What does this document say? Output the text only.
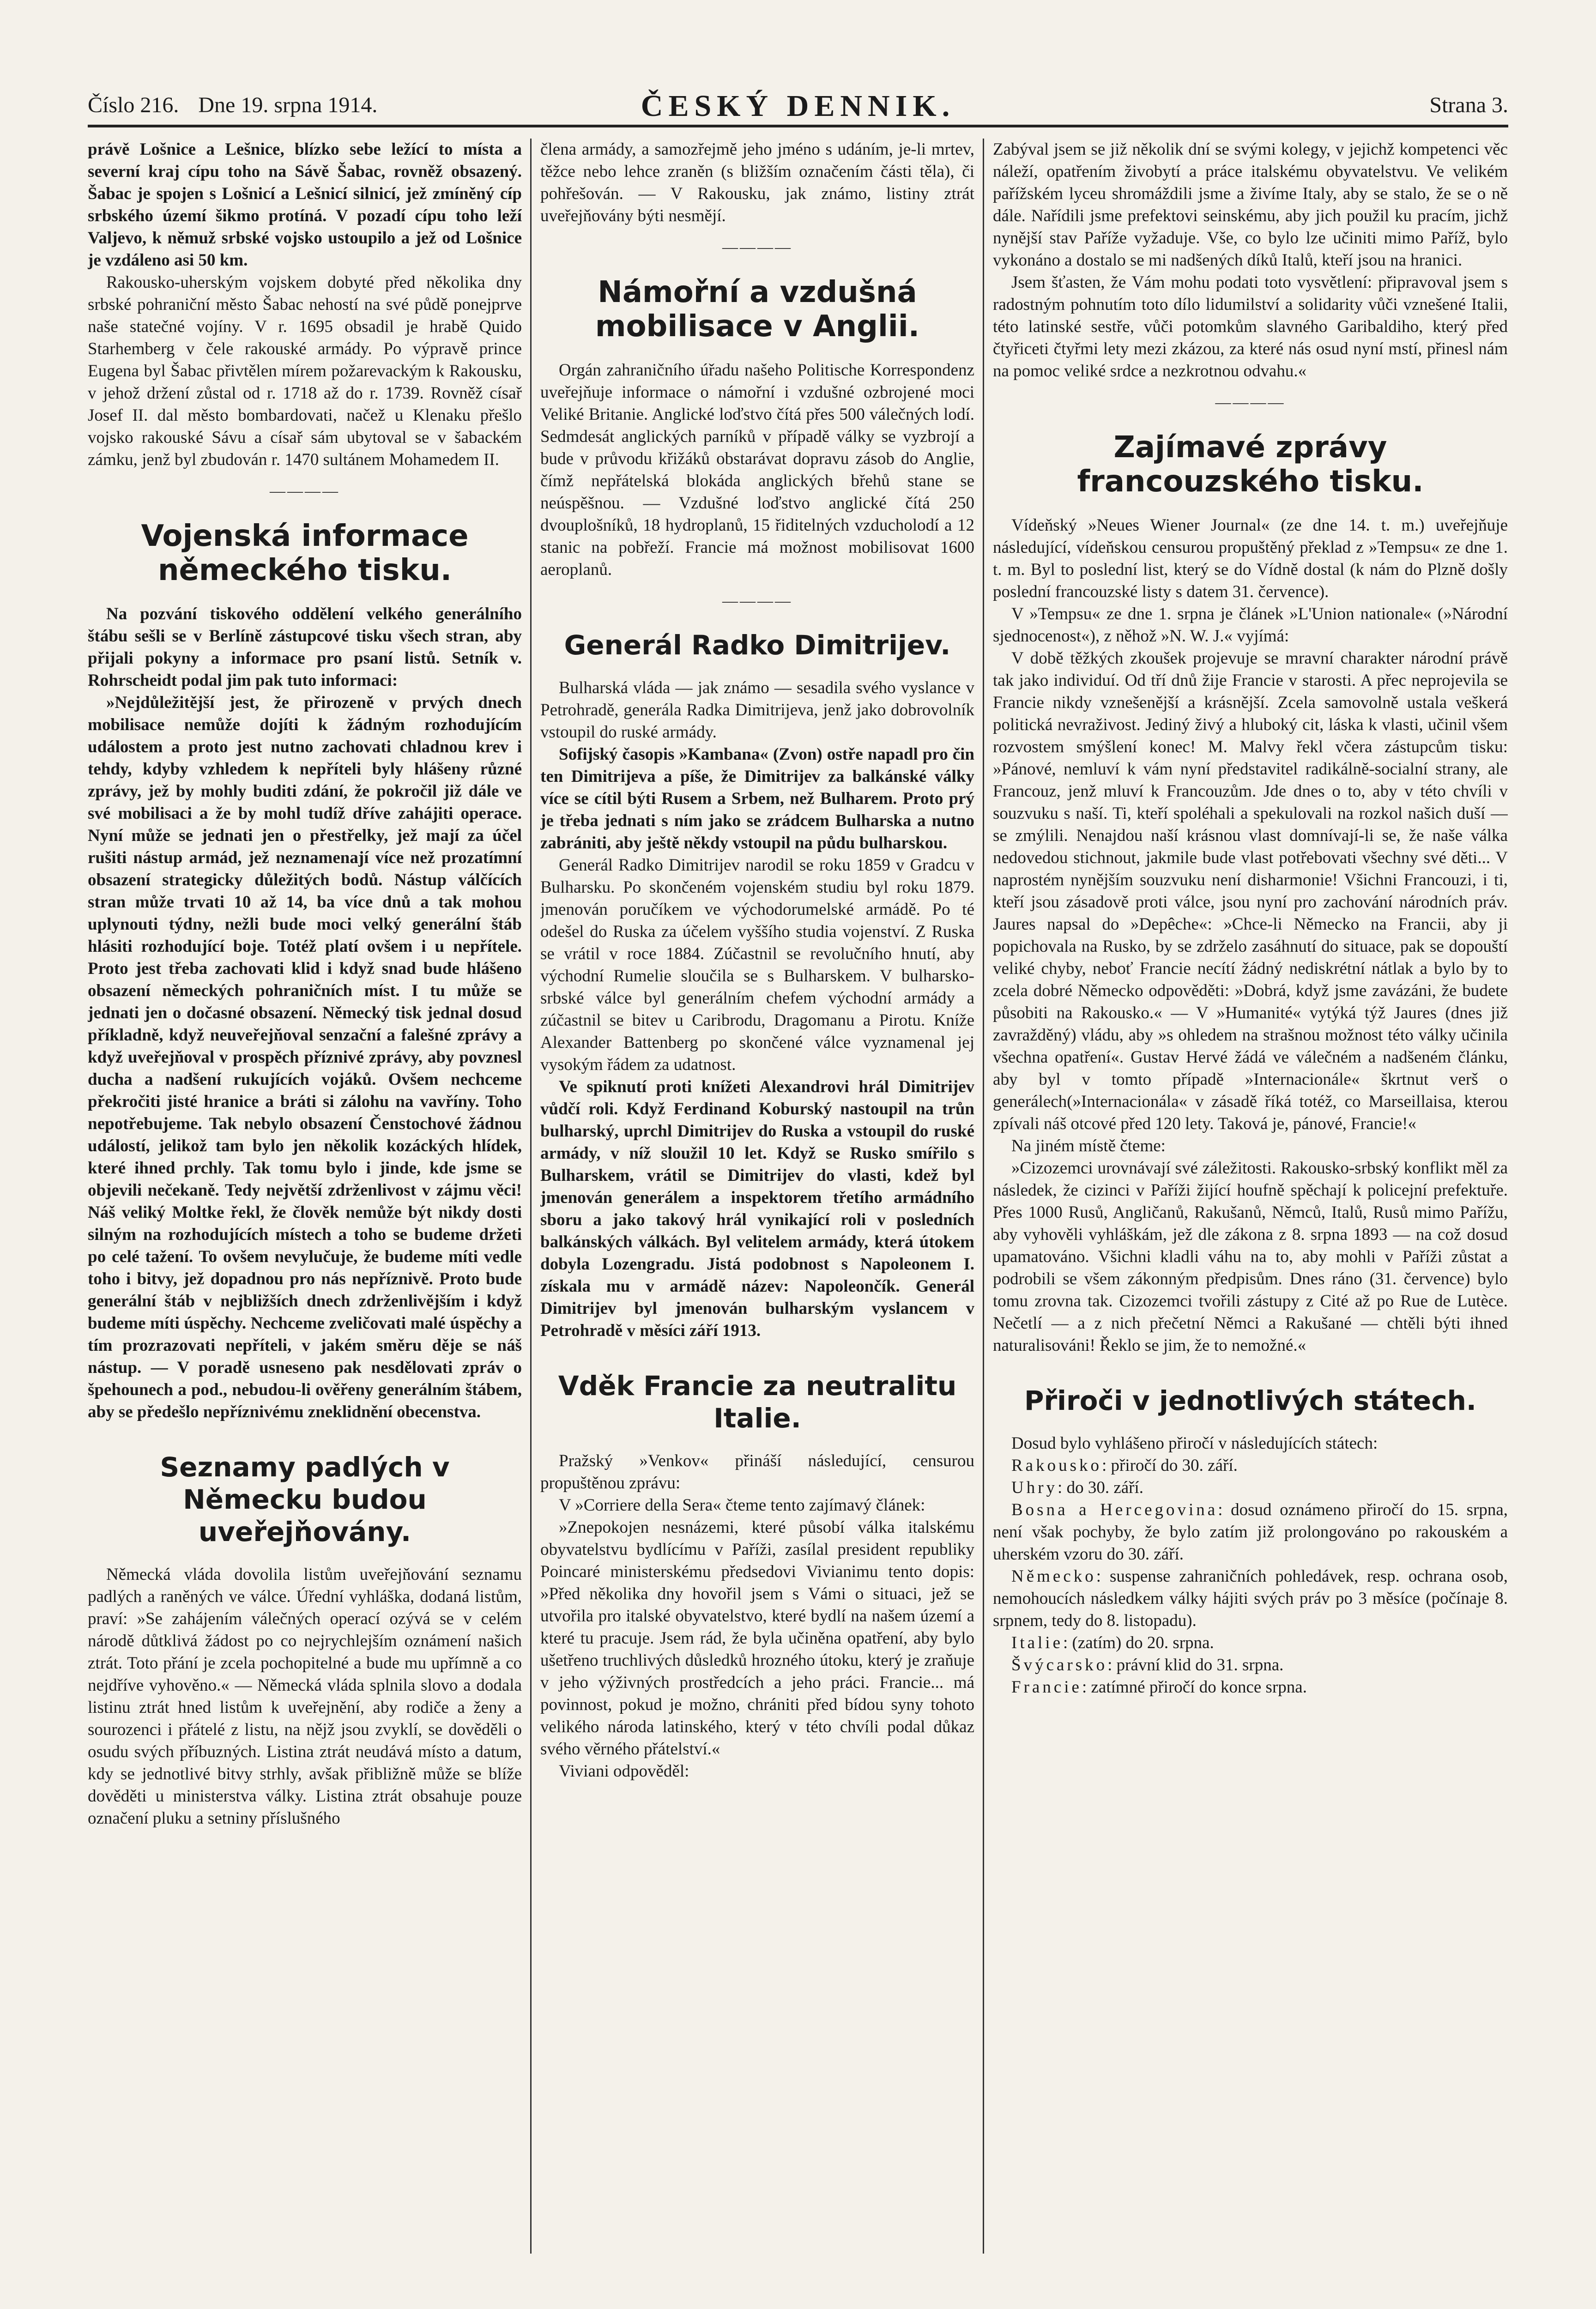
Číslo 216. Dne 19. srpna 1914.	ČESKÝ DENNIK.	Strana 3.

právě Lošnice a Lešnice, blízko sebe ležící to místa a severní kraj cípu toho na Sávě Šabac, rovněž obsazený. Šabac je spojen s Lošnicí a Lešnicí silnicí, jež zmíněný cíp srbského území šikmo protíná. V pozadí cípu toho leží Valjevo, k němuž srbské vojsko ustoupilo a jež od Lošnice je vzdáleno asi 50 km.

Rakousko-uherským vojskem dobyté před několika dny srbské pohraniční město Šabac nehostí na své půdě ponejprve naše statečné vojíny. V r. 1695 obsadil je hrabě Quido Starhemberg v čele rakouské armády. Po výpravě prince Eugena byl Šabac přivtělen mírem požarevackým k Rakousku, v jehož držení zůstal od r. 1718 až do r. 1739. Rovněž císař Josef II. dal město bombardovati, načež u Klenaku přešlo vojsko rakouské Sávu a císař sám ubytoval se v šabackém zámku, jenž byl zbudován r. 1470 sultánem Mohamedem II.

————
Vojenská informace německého tisku.

Na pozvání tiskového oddělení velkého generálního štábu sešli se v Berlíně zástupcové tisku všech stran, aby přijali pokyny a informace pro psaní listů. Setník v. Rohrscheidt podal jim pak tuto informaci:

»Nejdůležitější jest, že přirozeně v prvých dnech mobilisace nemůže dojíti k žádným rozhodujícím událostem a proto jest nutno zachovati chladnou krev i tehdy, kdyby vzhledem k nepříteli byly hlášeny různé zprávy, jež by mohly buditi zdání, že pokročil již dále ve své mobilisaci a že by mohl tudíž dříve zahájiti operace. Nyní může se jednati jen o přestřelky, jež mají za účel rušiti nástup armád, jež neznamenají více než prozatímní obsazení strategicky důležitých bodů. Nástup válčících stran může trvati 10 až 14, ba více dnů a tak mohou uplynouti týdny, nežli bude moci velký generální štáb hlásiti rozhodující boje. Totéž platí ovšem i u nepřítele. Proto jest třeba zachovati klid i když snad bude hlášeno obsazení německých pohraničních míst. I tu může se jednati jen o dočasné obsazení. Německý tisk jednal dosud příkladně, když neuveřejňoval senzační a falešné zprávy a když uveřejňoval v prospěch příznivé zprávy, aby povznesl ducha a nadšení rukujících vojáků. Ovšem nechceme překročiti jisté hranice a bráti si zálohu na vavříny. Toho nepotřebujeme. Tak nebylo obsazení Čenstochové žádnou událostí, jelikož tam bylo jen několik kozáckých hlídek, které ihned prchly. Tak tomu bylo i jinde, kde jsme se objevili nečekaně. Tedy největší zdrženlivost v zájmu věci! Náš veliký Moltke řekl, že člověk nemůže být nikdy dosti silným na rozhodujících místech a toho se budeme držeti po celé tažení. To ovšem nevylučuje, že budeme míti vedle toho i bitvy, jež dopadnou pro nás nepříznivě. Proto bude generální štáb v nejbližších dnech zdrženlivějším i když budeme míti úspěchy. Nechceme zveličovati malé úspěchy a tím prozrazovati nepříteli, v jakém směru děje se náš nástup. — V poradě usneseno pak nesdělovati zpráv o špehounech a pod., nebudou-li ověřeny generálním štábem, aby se předešlo nepříznivému zneklidnění obecenstva.

Seznamy padlých v Německu budou uveřejňovány.

Německá vláda dovolila listům uveřejňování seznamu padlých a raněných ve válce. Úřední vyhláška, dodaná listům, praví: »Se zahájením válečných operací ozývá se v celém národě důtklivá žádost po co nejrychlejším oznámení našich ztrát. Toto přání je zcela pochopitelné a bude mu upřímně a co nejdříve vyhověno.« — Německá vláda splnila slovo a dodala listinu ztrát hned listům k uveřejnění, aby rodiče a ženy a sourozenci i přátelé z listu, na nějž jsou zvyklí, se dověděli o osudu svých příbuzných. Listina ztrát neudává místo a datum, kdy se jednotlivé bitvy strhly, avšak přibližně může se blíže dověděti u ministerstva války. Listina ztrát obsahuje pouze označení pluku a setniny příslušného

člena armády, a samozřejmě jeho jméno s udáním, je-li mrtev, těžce nebo lehce zraněn (s bližším označením části těla), či pohřešován. — V Rakousku, jak známo, listiny ztrát uveřejňovány býti nesmějí.

————
Námořní a vzdušná mobilisace v Anglii.

Orgán zahraničního úřadu našeho Politische Korrespondenz uveřejňuje informace o námořní i vzdušné ozbrojené moci Veliké Britanie. Anglické loďstvo čítá přes 500 válečných lodí. Sedmdesát anglických parníků v případě války se vyzbrojí a bude v průvodu křižáků obstarávat dopravu zásob do Anglie, čímž nepřátelská blokáda anglických břehů stane se neúspěšnou. — Vzdušné loďstvo anglické čítá 250 dvouplošníků, 18 hydroplanů, 15 řiditelných vzducholodí a 12 stanic na pobřeží. Francie má možnost mobilisovat 1600 aeroplanů.

————
Generál Radko Dimitrijev.

Bulharská vláda — jak známo — sesadila svého vyslance v Petrohradě, generála Radka Dimitrijeva, jenž jako dobrovolník vstoupil do ruské armády.

Sofijský časopis »Kambana« (Zvon) ostře napadl pro čin ten Dimitrijeva a píše, že Dimitrijev za balkánské války více se cítil býti Rusem a Srbem, než Bulharem. Proto prý je třeba jednati s ním jako se zrádcem Bulharska a nutno zabrániti, aby ještě někdy vstoupil na půdu bulharskou.

Generál Radko Dimitrijev narodil se roku 1859 v Gradcu v Bulharsku. Po skončeném vojenském studiu byl roku 1879. jmenován poručíkem ve východorumelské armádě. Po té odešel do Ruska za účelem vyššího studia vojenství. Z Ruska se vrátil v roce 1884. Zúčastnil se revolučního hnutí, aby východní Rumelie sloučila se s Bulharskem. V bulharsko-srbské válce byl generálním chefem východní armády a zúčastnil se bitev u Caribrodu, Dragomanu a Pirotu. Kníže Alexander Battenberg po skončené válce vyznamenal jej vysokým řádem za udatnost.

Ve spiknutí proti knížeti Alexandrovi hrál Dimitrijev vůdčí roli. Když Ferdinand Koburský nastoupil na trůn bulharský, uprchl Dimitrijev do Ruska a vstoupil do ruské armády, v níž sloužil 10 let. Když se Rusko smířilo s Bulharskem, vrátil se Dimitrijev do vlasti, kdež byl jmenován generálem a inspektorem třetího armádního sboru a jako takový hrál vynikající roli v posledních balkánských válkách. Byl velitelem armády, která útokem dobyla Lozengradu. Jistá podobnost s Napoleonem I. získala mu v armádě název: Napoleončík. Generál Dimitrijev byl jmenován bulharským vyslancem v Petrohradě v měsíci září 1913.

Vděk Francie za neutralitu Italie.

Pražský »Venkov« přináší následující, censurou propuštěnou zprávu:

V »Corriere della Sera« čteme tento zajímavý článek:

»Znepokojen nesnázemi, které působí válka italskému obyvatelstvu bydlícímu v Paříži, zasílal president republiky Poincaré ministerskému předsedovi Vivianimu tento dopis: »Před několika dny hovořil jsem s Vámi o situaci, jež se utvořila pro italské obyvatelstvo, které bydlí na našem území a které tu pracuje. Jsem rád, že byla učiněna opatření, aby bylo ušetřeno truchlivých důsledků hrozného útoku, který je zraňuje v jeho výživných prostředcích a jeho práci. Francie... má povinnost, pokud je možno, chrániti před bídou syny tohoto velikého národa latinského, který v této chvíli podal důkaz svého věrného přátelství.«

Viviani odpověděl:

Zabýval jsem se již několik dní se svými kolegy, v jejichž kompetenci věc náleží, opatřením živobytí a práce italskému obyvatelstvu. Ve velikém pařížském lyceu shromáždili jsme a živíme Italy, aby se stalo, že se o ně dále. Nařídili jsme prefektovi seinskému, aby jich použil ku pracím, jichž nynější stav Paříže vyžaduje. Vše, co bylo lze učiniti mimo Paříž, bylo vykonáno a dostalo se mi nadšených díků Italů, kteří jsou na hranici.

Jsem šťasten, že Vám mohu podati toto vysvětlení: připravoval jsem s radostným pohnutím toto dílo lidumilství a solidarity vůči vznešené Italii, této latinské sestře, vůči potomkům slavného Garibaldiho, který před čtyřiceti čtyřmi lety mezi zkázou, za které nás osud nyní mstí, přinesl nám na pomoc veliké srdce a nezkrotnou odvahu.«

————
Zajímavé zprávy francouzského tisku.

Vídeňský »Neues Wiener Journal« (ze dne 14. t. m.) uveřejňuje následující, vídeňskou censurou propuštěný překlad z »Tempsu« ze dne 1. t. m. Byl to poslední list, který se do Vídně dostal (k nám do Plzně došly poslední francouzské listy s datem 31. července).

V »Tempsu« ze dne 1. srpna je článek »L'Union nationale« (»Národní sjednocenost«), z něhož »N. W. J.« vyjímá:

V době těžkých zkoušek projevuje se mravní charakter národní právě tak jako individuí. Od tří dnů žije Francie v starosti. A přec neprojevila se Francie nikdy vznešenější a krásnější. Zcela samovolně ustala veškerá politická nevraživost. Jediný živý a hluboký cit, láska k vlasti, učinil všem rozvostem smýšlení konec! M. Malvy řekl včera zástupcům tisku: »Pánové, nemluví k vám nyní představitel radikálně-socialní strany, ale Francouz, jenž mluví k Francouzům. Jde dnes o to, aby v této chvíli v souzvuku s naší. Ti, kteří spoléhali a spekulovali na rozkol našich duší — se zmýlili. Nenajdou naší krásnou vlast domnívají-li se, že naše válka nedovedou stichnout, jakmile bude vlast potřebovati všechny své děti... V naprostém nynějším souzvuku není disharmonie! Všichni Francouzi, i ti, kteří jsou zásadově proti válce, jsou nyní pro zachování národních práv. Jaures napsal do »Depêche«: »Chce-li Německo na Francii, aby ji popichovala na Rusko, by se zdrželo zasáhnutí do situace, pak se dopouští veliké chyby, neboť Francie necítí žádný nediskrétní nátlak a bylo by to zcela dobré Německo odpověděti: »Dobrá, když jsme zavázáni, že budete působiti na Rakousko.« — V »Humanité« vytýká týž Jaures (dnes již zavražděný) vládu, aby »s ohledem na strašnou možnost této války učinila všechna opatření«. Gustav Hervé žádá ve válečném a nadšeném článku, aby byl v tomto případě »Internacionále« škrtnut verš o generálech(»Internacionála« v zásadě říká totéž, co Marseillaisa, kterou zpívali náš otcové před 120 lety. Taková je, pánové, Francie!«

Na jiném místě čteme:

»Cizozemci urovnávají své záležitosti. Rakousko-srbský konflikt měl za následek, že cizinci v Paříži žijící houfně spěchají k policejní prefektuře. Přes 1000 Rusů, Angličanů, Rakušanů, Němců, Italů, Rusů mimo Pařížu, aby vyhověli vyhláškám, jež dle zákona z 8. srpna 1893 — na což dosud upamatováno. Všichni kladli váhu na to, aby mohli v Paříži zůstat a podrobili se všem zákonným předpisům. Dnes ráno (31. července) bylo tomu zrovna tak. Cizozemci tvořili zástupy z Cité až po Rue de Lutèce. Nečetlí — a z nich přečetní Němci a Rakušané — chtěli býti ihned naturalisováni! Řeklo se jim, že to nemožné.«

Přiroči v jednotlivých státech.

Dosud bylo vyhlášeno přiročí v následujících státech:

Rakousko: přiročí do 30. září.

Uhry: do 30. září.

Bosna a Hercegovina: dosud oznámeno přiročí do 15. srpna, není však pochyby, že bylo zatím již prolongováno po rakouském a uherském vzoru do 30. září.

Německo: suspense zahraničních pohledávek, resp. ochrana osob, nemohoucích následkem války hájiti svých práv po 3 měsíce (počínaje 8. srpnem, tedy do 8. listopadu).

Italie: (zatím) do 20. srpna.

Švýcarsko: právní klid do 31. srpna.

Francie: zatímné přiročí do konce srpna.
